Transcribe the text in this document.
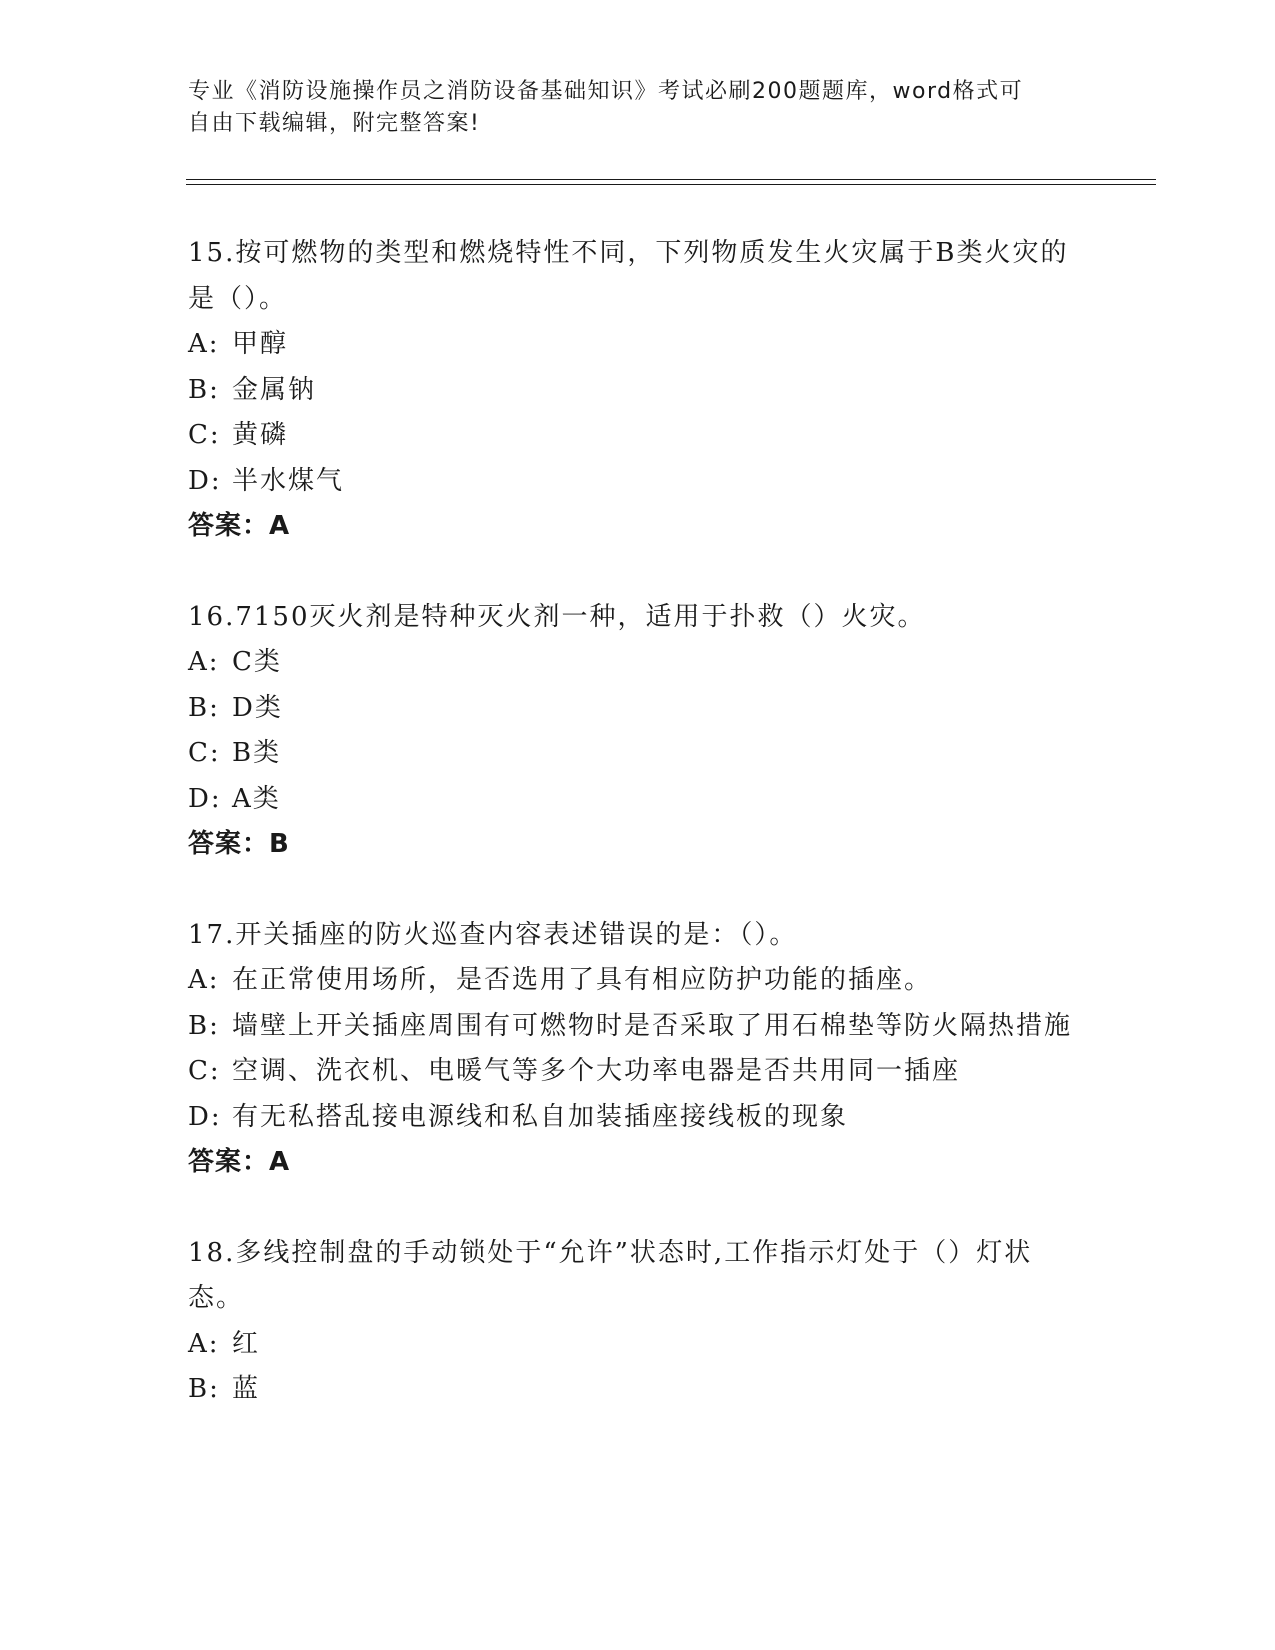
专业《消防设施操作员之消防设备基础知识》考试必刷200题题库，word格式可

自由下载编辑，附完整答案!

15.按可燃物的类型和燃烧特性不同，下列物质发生火灾属于B类火灾的是（）。

A: 甲醇

B: 金属钠

C: 黄磷

D: 半水煤气

答案：A

16.7150灭火剂是特种灭火剂一种，适用于扑救（）火灾。

A: C类

B: D类

C: B类

D: A类

答案：B

17.开关插座的防火巡查内容表述错误的是：（）。

A: 在正常使用场所，是否选用了具有相应防护功能的插座。

B: 墙壁上开关插座周围有可燃物时是否采取了用石棉垫等防火隔热措施

C: 空调、洗衣机、电暖气等多个大功率电器是否共用同一插座

D: 有无私搭乱接电源线和私自加装插座接线板的现象

答案：A

18.多线控制盘的手动锁处于“允许”状态时,工作指示灯处于（）灯状态。

A: 红

B: 蓝
